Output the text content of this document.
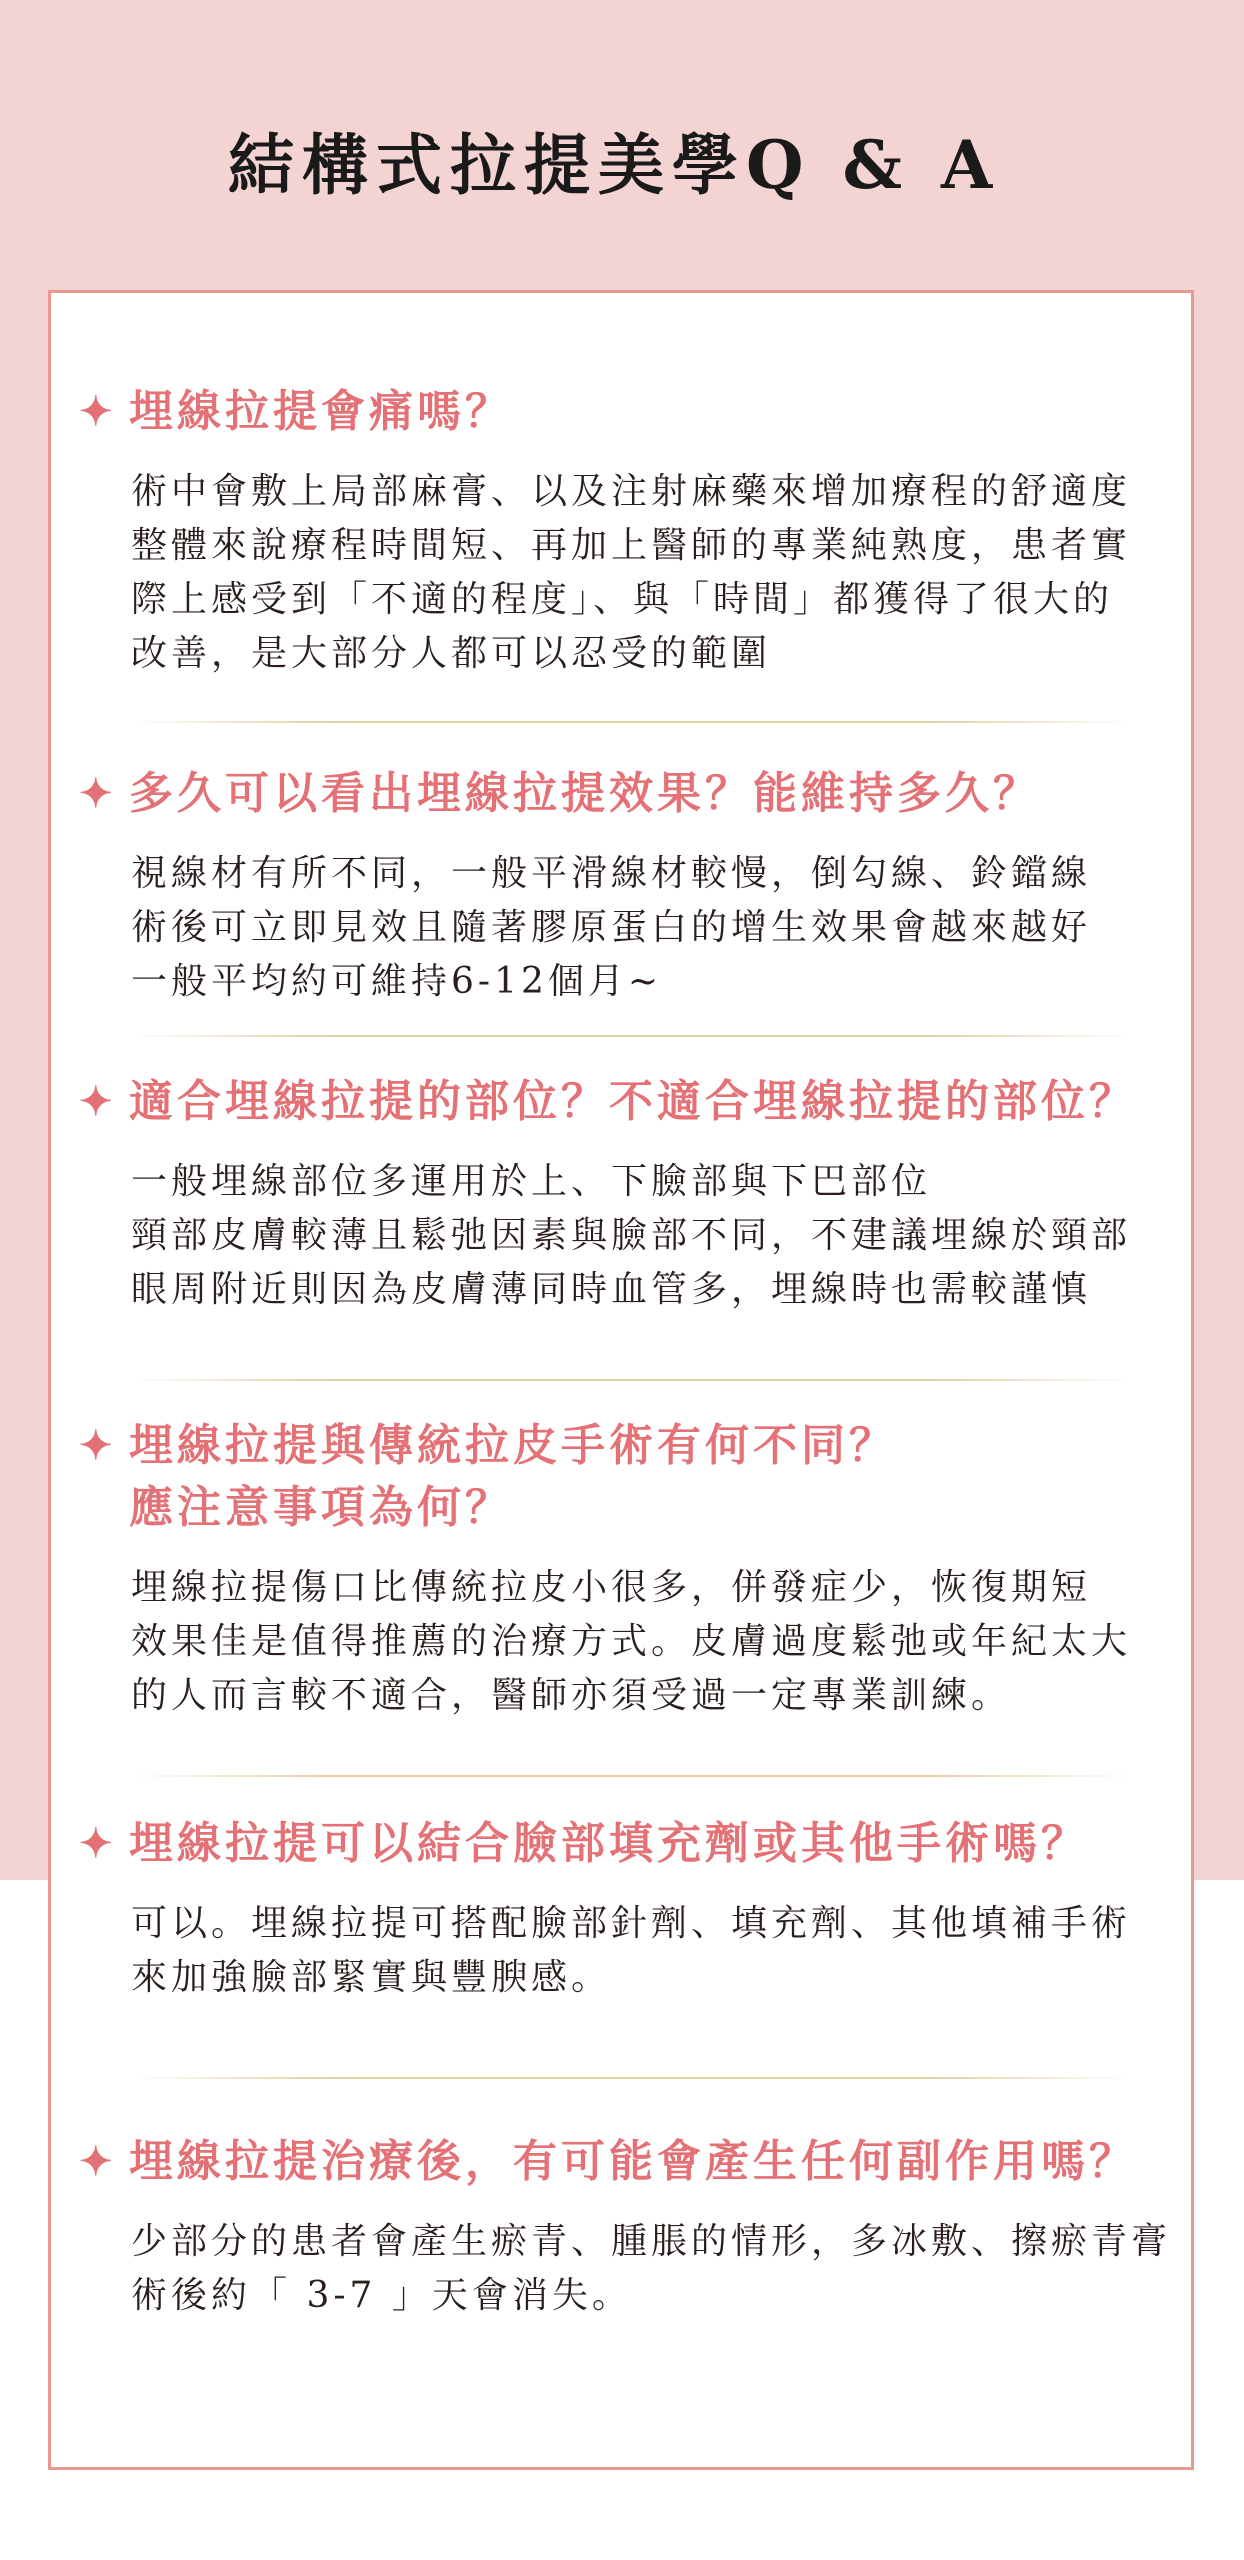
結構式拉提美學Q & A
✦ 埋線拉提會痛嗎？
術中會敷上局部麻膏、以及注射麻藥來增加療程的舒適度
整體來說療程時間短、再加上醫師的專業純熟度，患者實
際上感受到「不適的程度」、與「時間」都獲得了很大的
改善，是大部分人都可以忍受的範圍
✦ 多久可以看出埋線拉提效果？能維持多久？
視線材有所不同，一般平滑線材較慢，倒勾線、鈴鐺線
術後可立即見效且隨著膠原蛋白的增生效果會越來越好
一般平均約可維持6-12個月~
✦ 適合埋線拉提的部位？不適合埋線拉提的部位？
一般埋線部位多運用於上、下臉部與下巴部位
頸部皮膚較薄且鬆弛因素與臉部不同，不建議埋線於頸部
眼周附近則因為皮膚薄同時血管多，埋線時也需較謹慎
✦ 埋線拉提與傳統拉皮手術有何不同？
應注意事項為何？
埋線拉提傷口比傳統拉皮小很多，併發症少，恢復期短
效果佳是值得推薦的治療方式。皮膚過度鬆弛或年紀太大
的人而言較不適合，醫師亦須受過一定專業訓練。
✦ 埋線拉提可以結合臉部填充劑或其他手術嗎？
可以。埋線拉提可搭配臉部針劑、填充劑、其他填補手術
來加強臉部緊實與豐腴感。
✦ 埋線拉提治療後，有可能會產生任何副作用嗎？
少部分的患者會產生瘀青、腫脹的情形，多冰敷、擦瘀青膏
術後約「 3-7 」天會消失。
